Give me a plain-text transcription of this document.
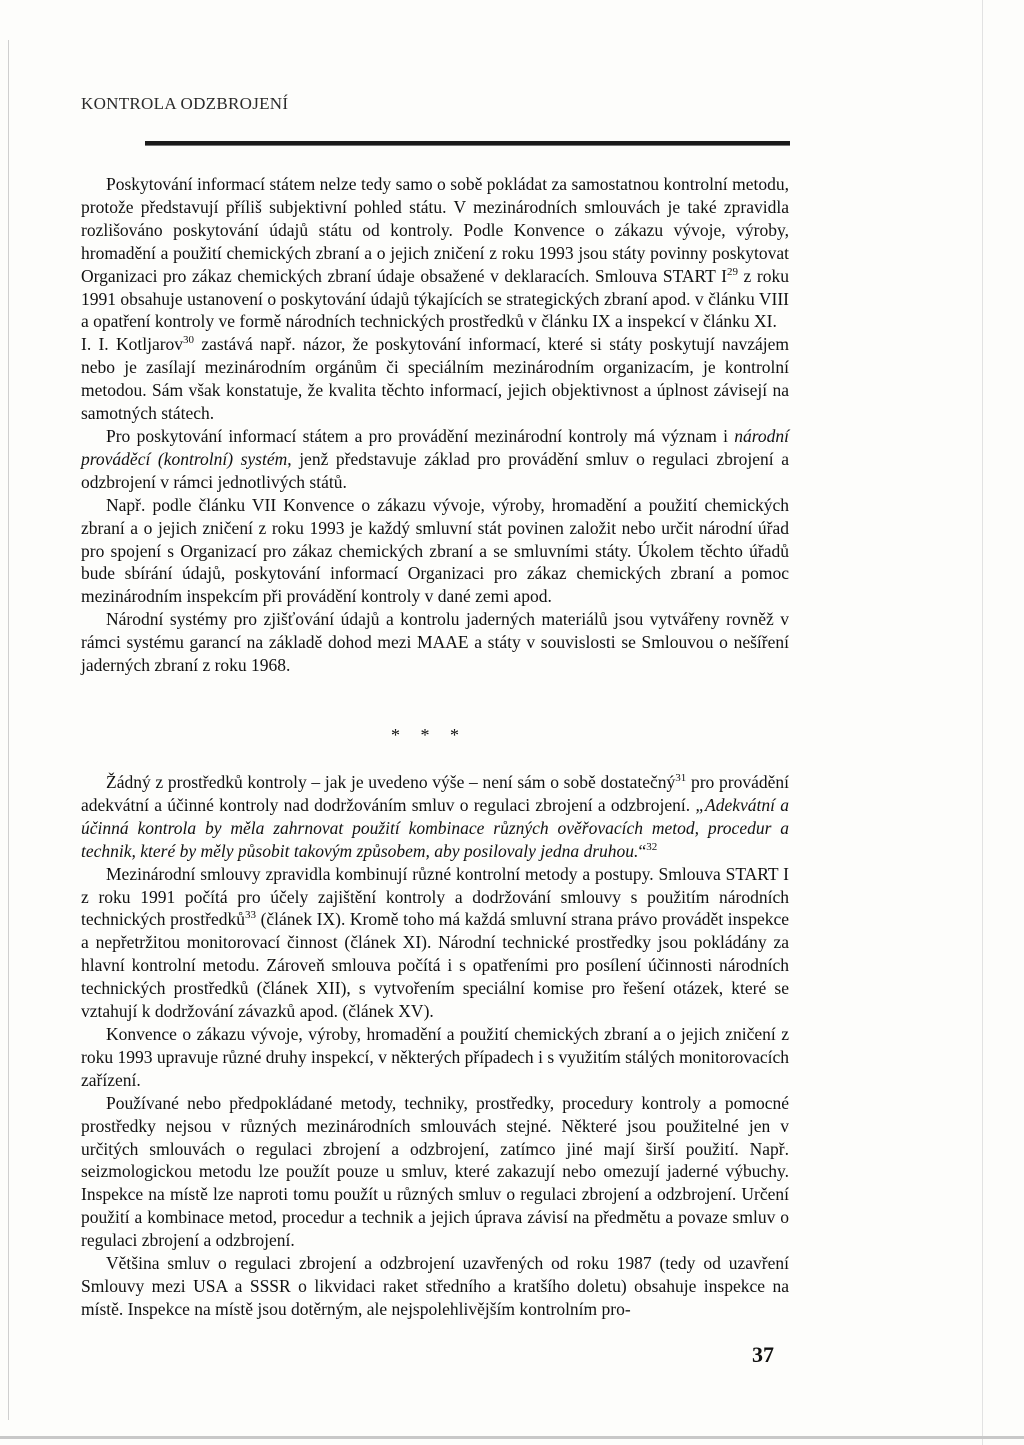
KONTROLA ODZBROJENÍ

Poskytování informací státem nelze tedy samo o sobě pokládat za samostatnou kontrolní metodu, protože představují příliš subjektivní pohled státu. V mezinárodních smlouvách je také zpravidla rozlišováno poskytování údajů státu od kontroly. Podle Konvence o zákazu vývoje, výroby, hromadění a použití chemických zbraní a o jejich zničení z roku 1993 jsou státy povinny poskytovat Organizaci pro zákaz chemických zbraní údaje obsažené v deklaracích. Smlouva START $I^{29}$ z roku 1991 obsahuje ustanovení o poskytování údajů týkajících se strategických zbraní apod. v článku VIII a opatření kontroly ve formě národních technických prostředků v článku IX a inspekcí v článku XI.

I. I. Kotljarov$^{30}$ zastává např. názor, že poskytování informací, které si státy poskytují navzájem nebo je zasílají mezinárodním orgánům či speciálním mezinárodním organizacím, je kontrolní metodou. Sám však konstatuje, že kvalita těchto informací, jejich objektivnost a úplnost závisejí na samotných státech.

Pro poskytování informací státem a pro provádění mezinárodní kontroly má význam i národní prováděcí (kontrolní) systém, jenž představuje základ pro provádění smluv o regulaci zbrojení a odzbrojení v rámci jednotlivých států.

Např. podle článku VII Konvence o zákazu vývoje, výroby, hromadění a použití chemických zbraní a o jejich zničení z roku 1993 je každý smluvní stát povinen založit nebo určit národní úřad pro spojení s Organizací pro zákaz chemických zbraní a se smluvními státy. Úkolem těchto úřadů bude sbírání údajů, poskytování informací Organizaci pro zákaz chemických zbraní a pomoc mezinárodním inspekcím při provádění kontroly v dané zemi apod.

Národní systémy pro zjišťování údajů a kontrolu jaderných materiálů jsou vytvářeny rovněž v rámci systému garancí na základě dohod mezi MAAE a státy v souvislosti se Smlouvou o nešíření jaderných zbraní z roku 1968.

* * *

Žádný z prostředků kontroly – jak je uvedeno výše – není sám o sobě dostatečný$^{31}$ pro provádění adekvátní a účinné kontroly nad dodržováním smluv o regulaci zbrojení a odzbrojení. „Adekvátní a účinná kontrola by měla zahrnovat použití kombinace různých ověřovacích metod, procedur a technik, které by měly působit takovým způsobem, aby posilovaly jedna druhou.“$^{32}$

Mezinárodní smlouvy zpravidla kombinují různé kontrolní metody a postupy. Smlouva START I z roku 1991 počítá pro účely zajištění kontroly a dodržování smlouvy s použitím národních technických prostředků$^{33}$ (článek IX). Kromě toho má každá smluvní strana právo provádět inspekce a nepřetržitou monitorovací činnost (článek XI). Národní technické prostředky jsou pokládány za hlavní kontrolní metodu. Zároveň smlouva počítá i s opatřeními pro posílení účinnosti národních technických prostředků (článek XII), s vytvořením speciální komise pro řešení otázek, které se vztahují k dodržování závazků apod. (článek XV).

Konvence o zákazu vývoje, výroby, hromadění a použití chemických zbraní a o jejich zničení z roku 1993 upravuje různé druhy inspekcí, v některých případech i s využitím stálých monitorovacích zařízení.

Používané nebo předpokládané metody, techniky, prostředky, procedury kontroly a pomocné prostředky nejsou v různých mezinárodních smlouvách stejné. Některé jsou použitelné jen v určitých smlouvách o regulaci zbrojení a odzbrojení, zatímco jiné mají širší použití. Např. seizmologickou metodu lze použít pouze u smluv, které zakazují nebo omezují jaderné výbuchy. Inspekce na místě lze naproti tomu použít u různých smluv o regulaci zbrojení a odzbrojení. Určení použití a kombinace metod, procedur a technik a jejich úprava závisí na předmětu a povaze smluv o regulaci zbrojení a odzbrojení.

Většina smluv o regulaci zbrojení a odzbrojení uzavřených od roku 1987 (tedy od uzavření Smlouvy mezi USA a SSSR o likvidaci raket středního a kratšího doletu) obsahuje inspekce na místě. Inspekce na místě jsou dotěrným, ale nejspolehlivějším kontrolním pro-

37
